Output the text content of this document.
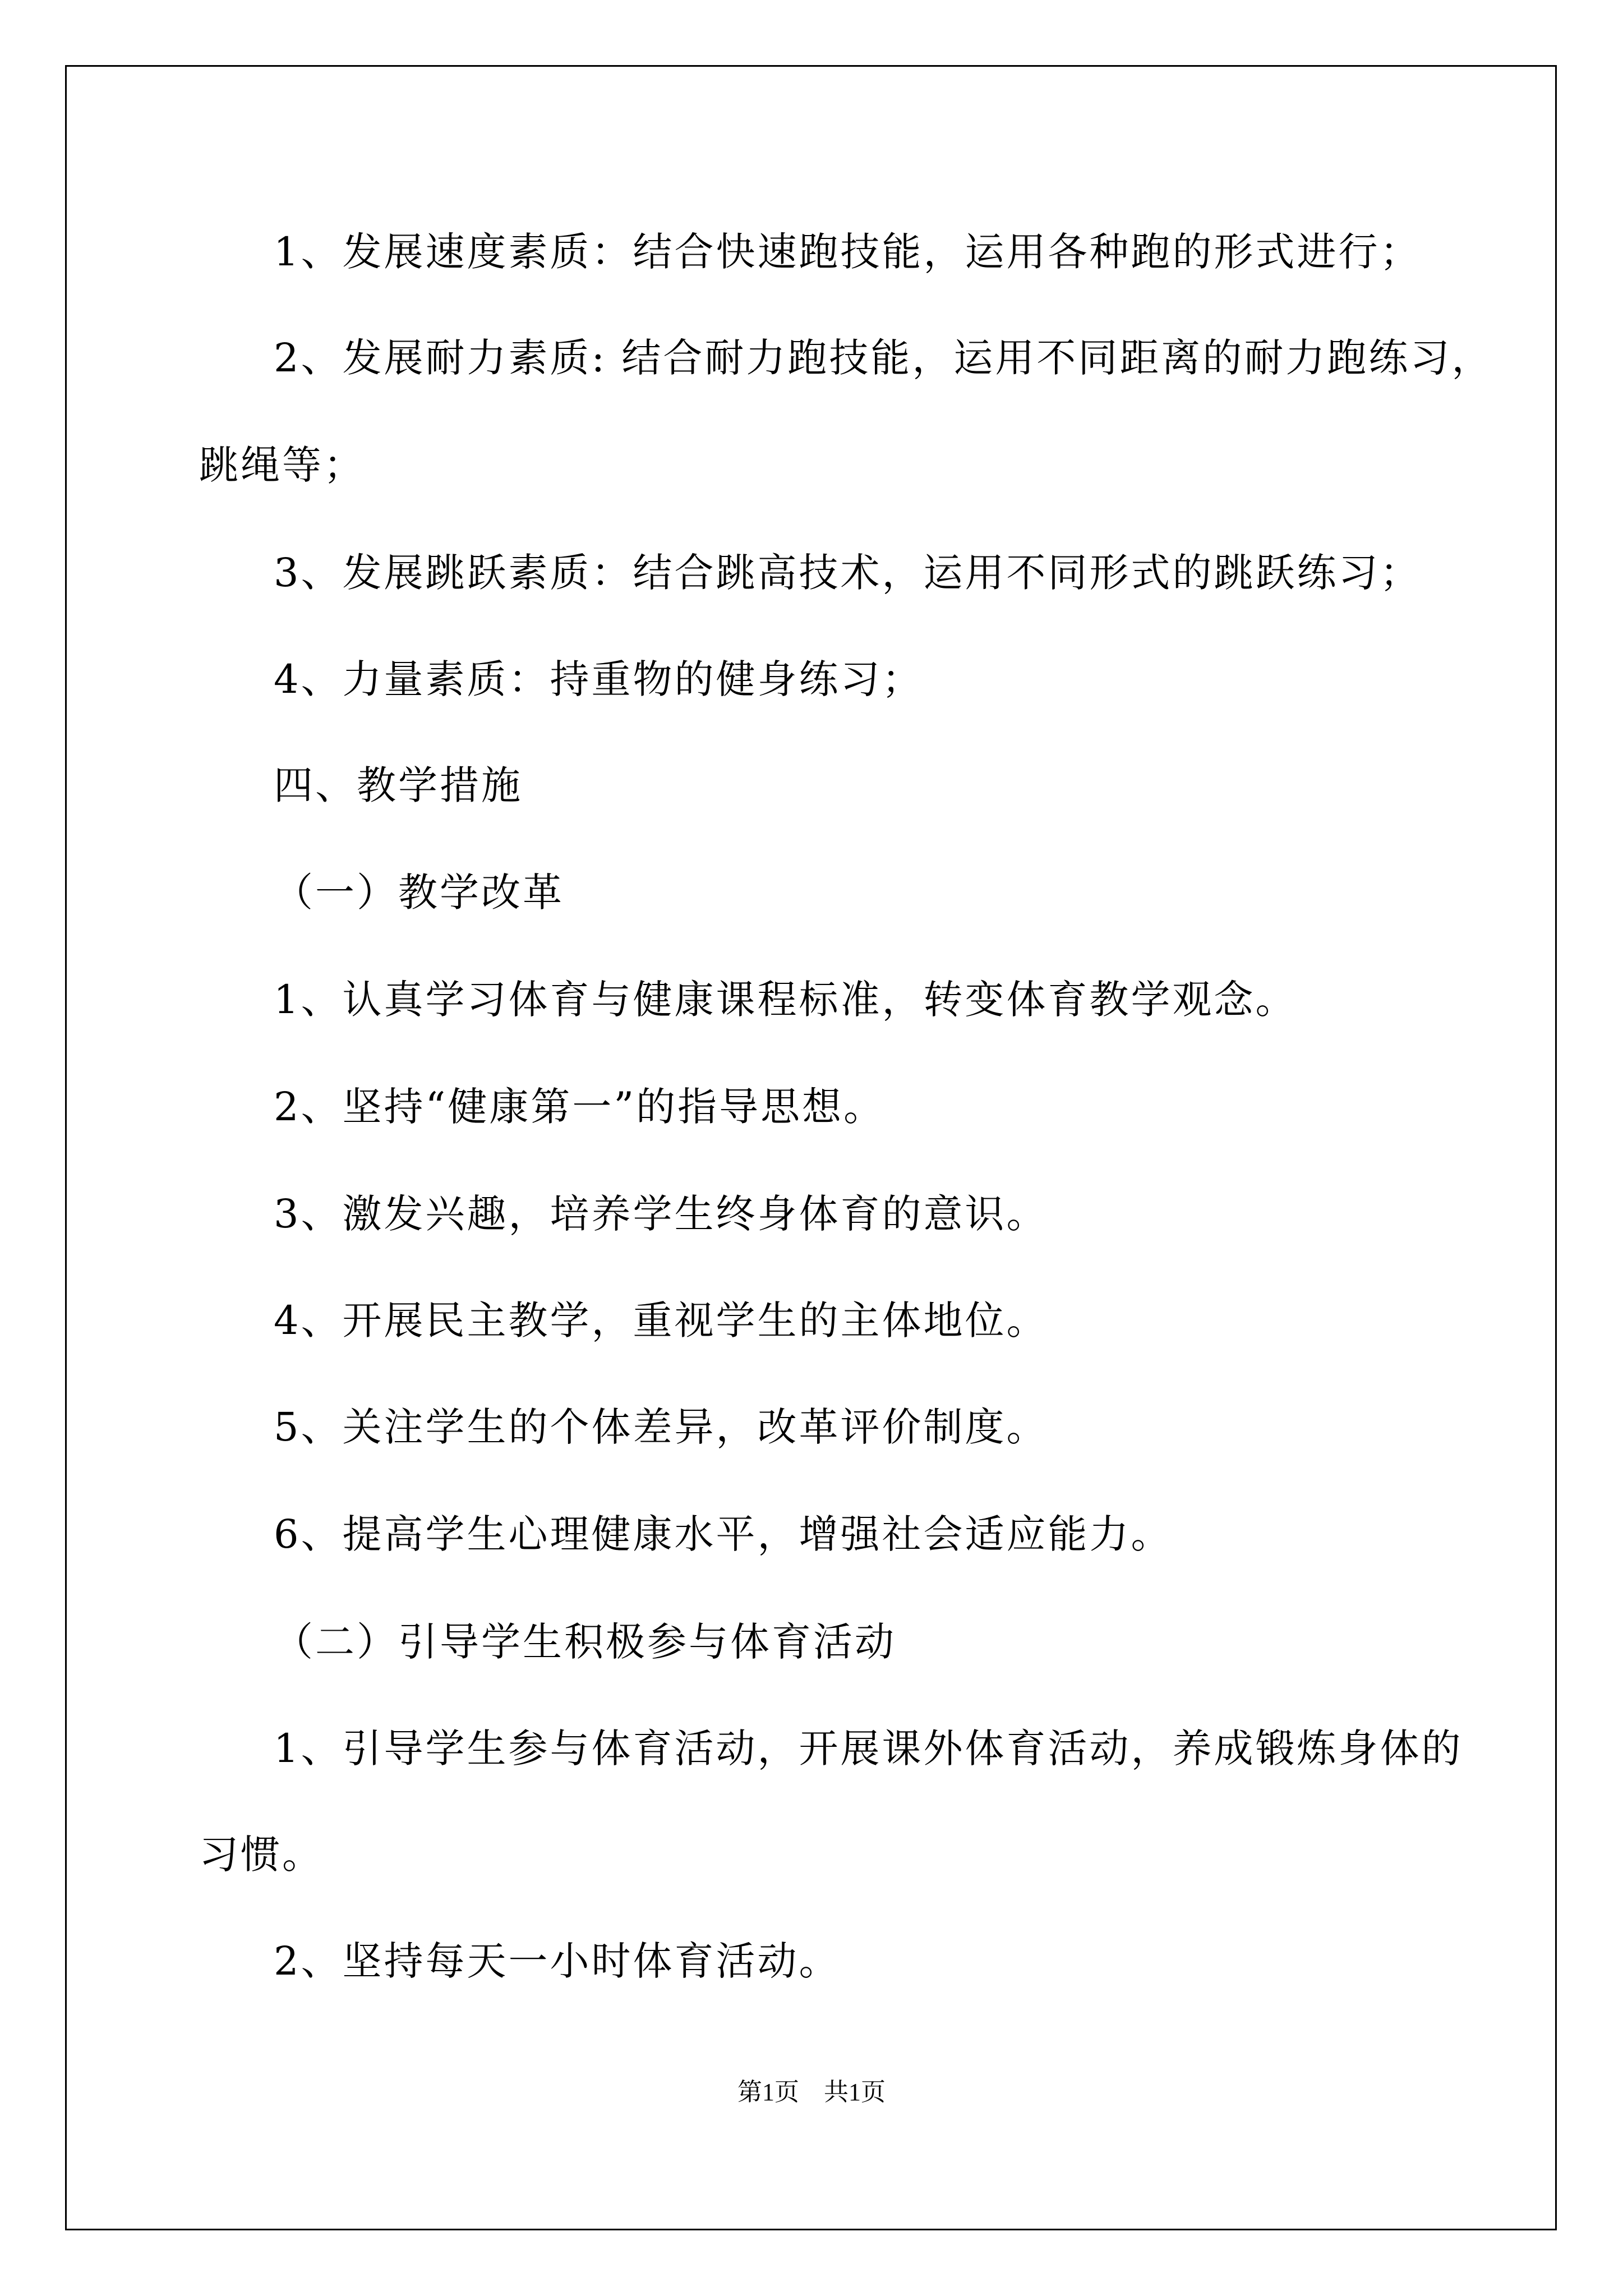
1、发展速度素质：结合快速跑技能，运用各种跑的形式进行；
2、发展耐力素质: 结合耐力跑技能，运用不同距离的耐力跑练习，
跳绳等；
3、发展跳跃素质：结合跳高技术，运用不同形式的跳跃练习；
4、力量素质：持重物的健身练习；
四、教学措施
（一）教学改革
1、认真学习体育与健康课程标准，转变体育教学观念。
2、坚持“健康第一”的指导思想。
3、激发兴趣，培养学生终身体育的意识。
4、开展民主教学，重视学生的主体地位。
5、关注学生的个体差异，改革评价制度。
6、提高学生心理健康水平，增强社会适应能力。
（二）引导学生积极参与体育活动
1、引导学生参与体育活动，开展课外体育活动，养成锻炼身体的
习惯。
2、坚持每天一小时体育活动。
第1页　共1页
